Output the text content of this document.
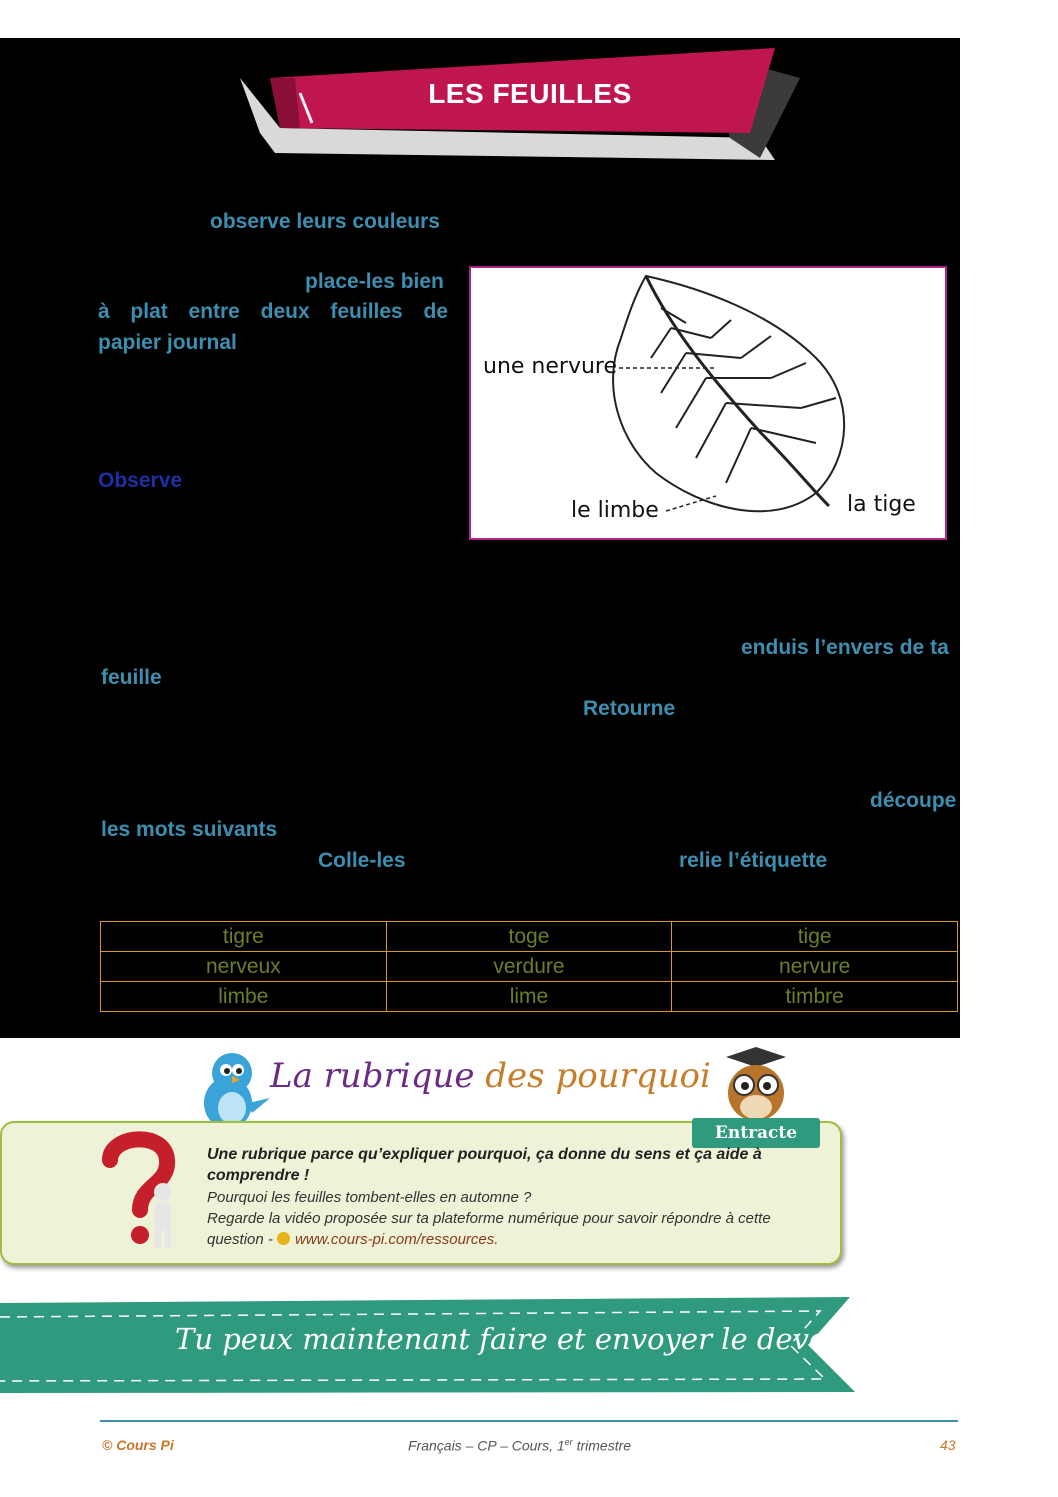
LES FEUILLES
observe leurs couleurs
place-les bien
à plat entre deux feuilles de
papier journal
Observe
enduis l’envers de ta
feuille
Retourne
découpe
les mots suivants
Colle-les	relie l’étiquette
une nervure
le limbe	la tige
tigre	toge	tige
nerveux	verdure	nervure
limbe	lime	timbre
La rubrique des pourquoi
Entracte
Une rubrique parce qu’expliquer pourquoi, ça donne du sens et ça aide à
comprendre !
Pourquoi les feuilles tombent-elles en automne ?
Regarde la vidéo proposée sur ta plateforme numérique pour savoir répondre à cette
question - www.cours-pi.com/ressources.
Tu peux maintenant faire et envoyer le devoir n°5
© Cours Pi	Français – CP – Cours, 1er trimestre	43
